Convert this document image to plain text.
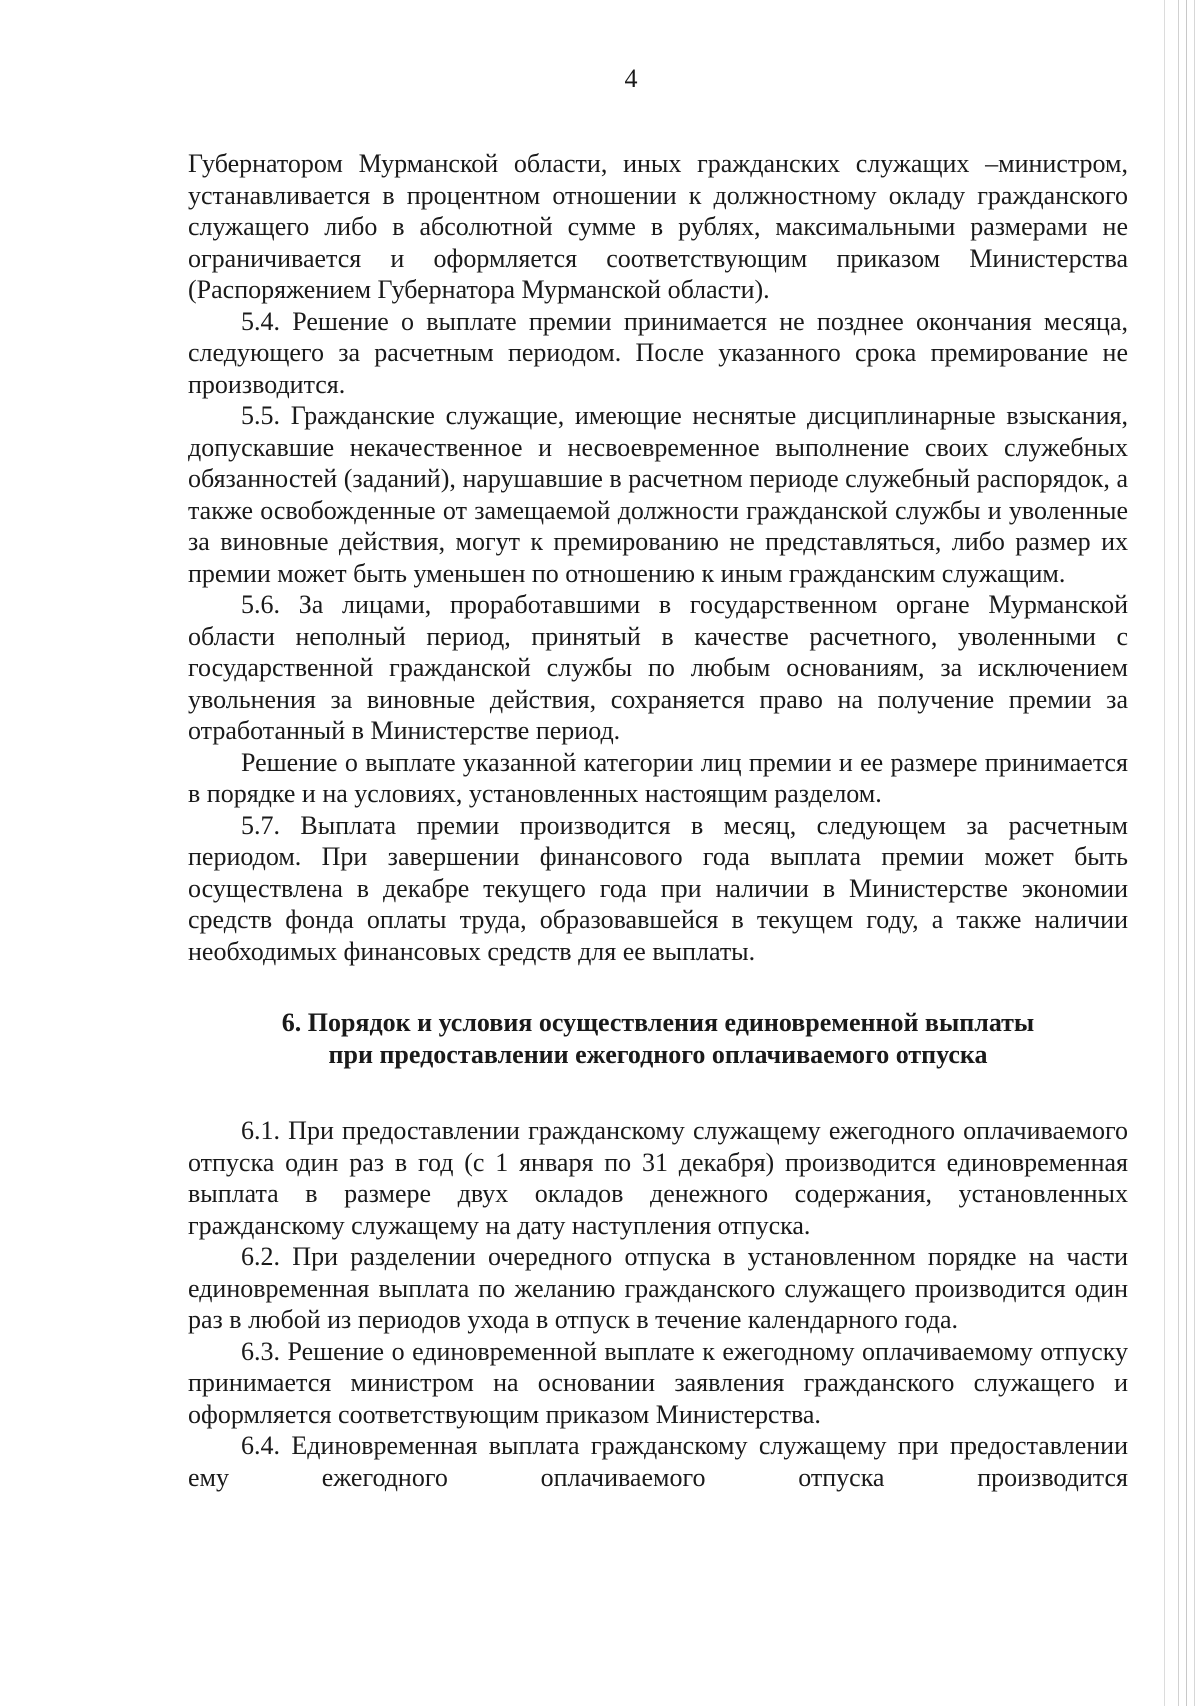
4

Губернатором Мурманской области, иных гражданских служащих –министром, устанавливается в процентном отношении к должностному окладу гражданского служащего либо в абсолютной сумме в рублях, максимальными размерами не ограничивается и оформляется соответствующим приказом Министерства (Распоряжением Губернатора Мурманской области).

5.4. Решение о выплате премии принимается не позднее окончания месяца, следующего за расчетным периодом. После указанного срока премирование не производится.

5.5. Гражданские служащие, имеющие неснятые дисциплинарные взыскания, допускавшие некачественное и несвоевременное выполнение своих служебных обязанностей (заданий), нарушавшие в расчетном периоде служебный распорядок, а также освобожденные от замещаемой должности гражданской службы и уволенные за виновные действия, могут к премированию не представляться, либо размер их премии может быть уменьшен по отношению к иным гражданским служащим.

5.6. За лицами, проработавшими в государственном органе Мурманской области неполный период, принятый в качестве расчетного, уволенными с государственной гражданской службы по любым основаниям, за исключением увольнения за виновные действия, сохраняется право на получение премии за отработанный в Министерстве период.

Решение о выплате указанной категории лиц премии и ее размере принимается в порядке и на условиях, установленных настоящим разделом.

5.7. Выплата премии производится в месяц, следующем за расчетным периодом. При завершении финансового года выплата премии может быть осуществлена в декабре текущего года при наличии в Министерстве экономии средств фонда оплаты труда, образовавшейся в текущем году, а также наличии необходимых финансовых средств для ее выплаты.

6. Порядок и условия осуществления единовременной выплаты
при предоставлении ежегодного оплачиваемого отпуска

6.1. При предоставлении гражданскому служащему ежегодного оплачиваемого отпуска один раз в год (с 1 января по 31 декабря) производится единовременная выплата в размере двух окладов денежного содержания, установленных гражданскому служащему на дату наступления отпуска.

6.2. При разделении очередного отпуска в установленном порядке на части единовременная выплата по желанию гражданского служащего производится один раз в любой из периодов ухода в отпуск в течение календарного года.

6.3. Решение о единовременной выплате к ежегодному оплачиваемому отпуску принимается министром на основании заявления гражданского служащего и оформляется соответствующим приказом Министерства.

6.4. Единовременная выплата гражданскому служащему при предоставлении ему ежегодного оплачиваемого отпуска производится
